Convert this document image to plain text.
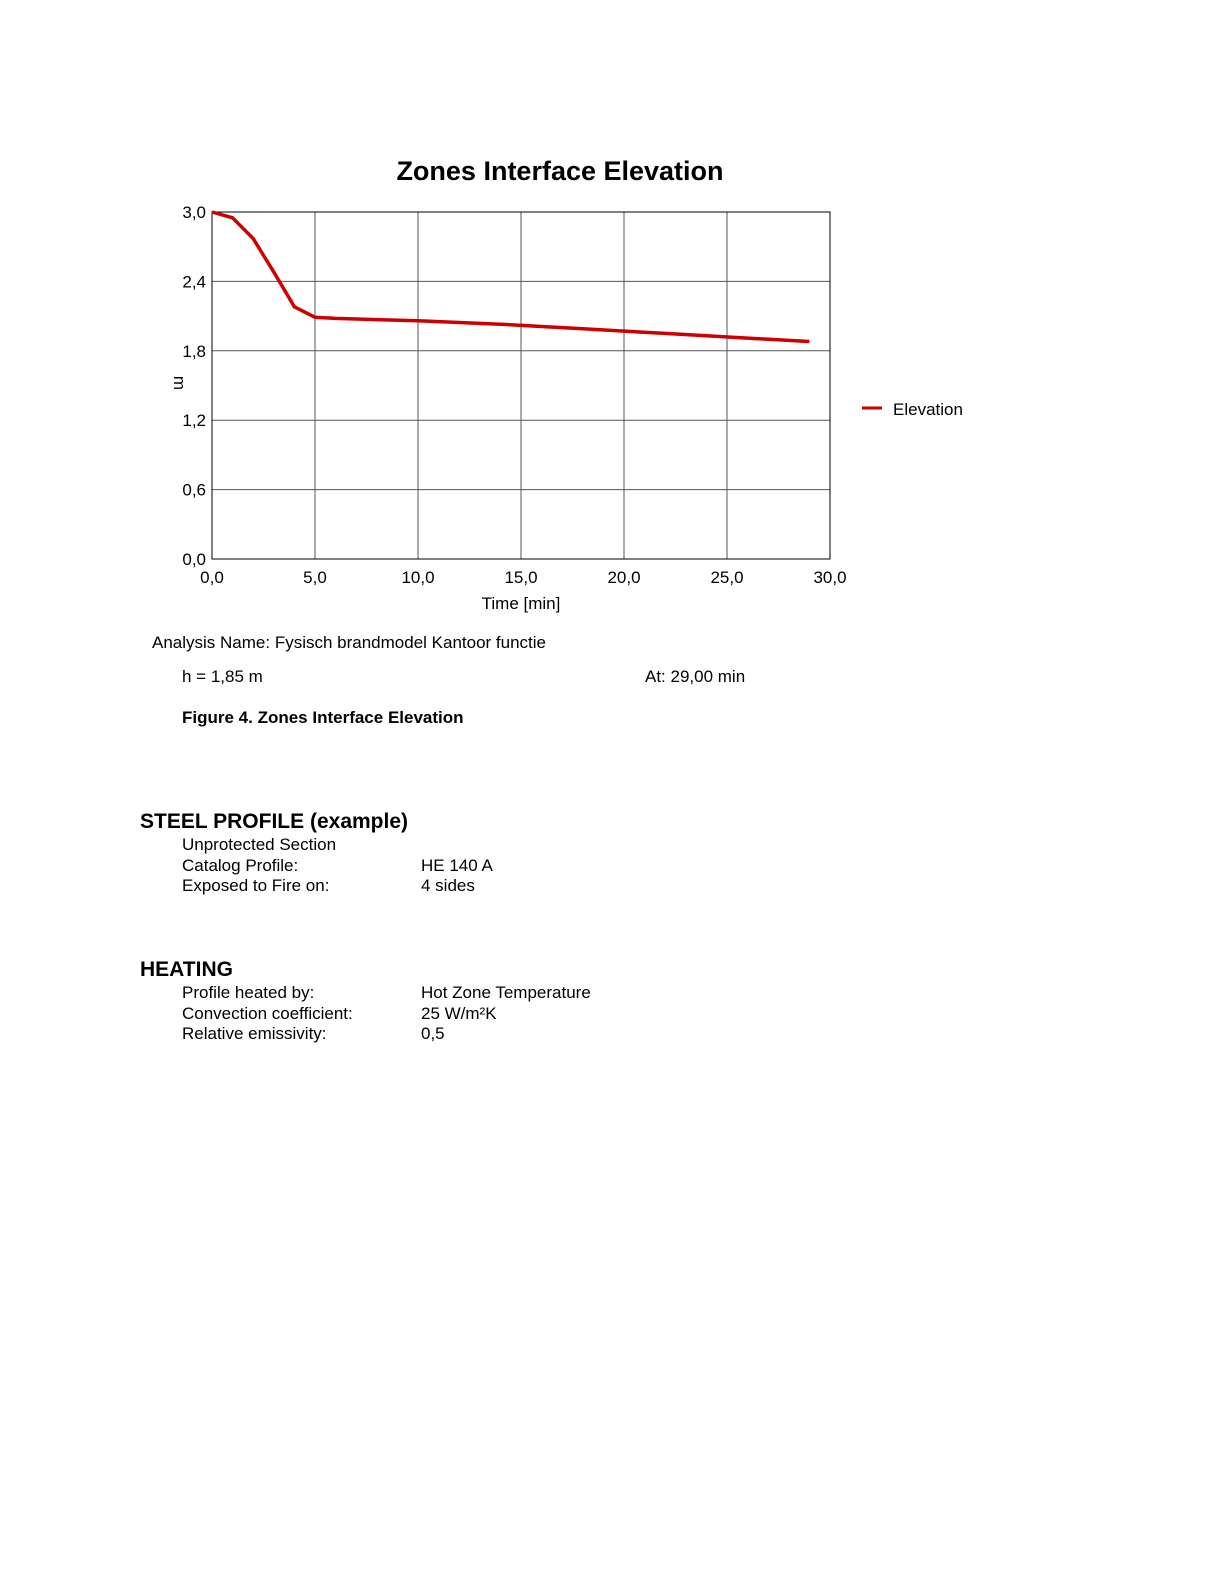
Zones Interface Elevation
0,0	5,0	10,0	15,0	20,0	25,0	30,0
0,0
0,6
1,2
1,8
2,4
3,0
Time [min]
m
Elevation
Analysis Name: Fysisch brandmodel Kantoor functie
h = 1,85 m	At: 29,00 min
Figure 4. Zones Interface Elevation
STEEL PROFILE (example)
Unprotected Section
Catalog Profile:	HE 140 A
Exposed to Fire on:	4 sides
HEATING
Profile heated by:	Hot Zone Temperature
Convection coefficient:	25 W/m²K
Relative emissivity:	0,5
